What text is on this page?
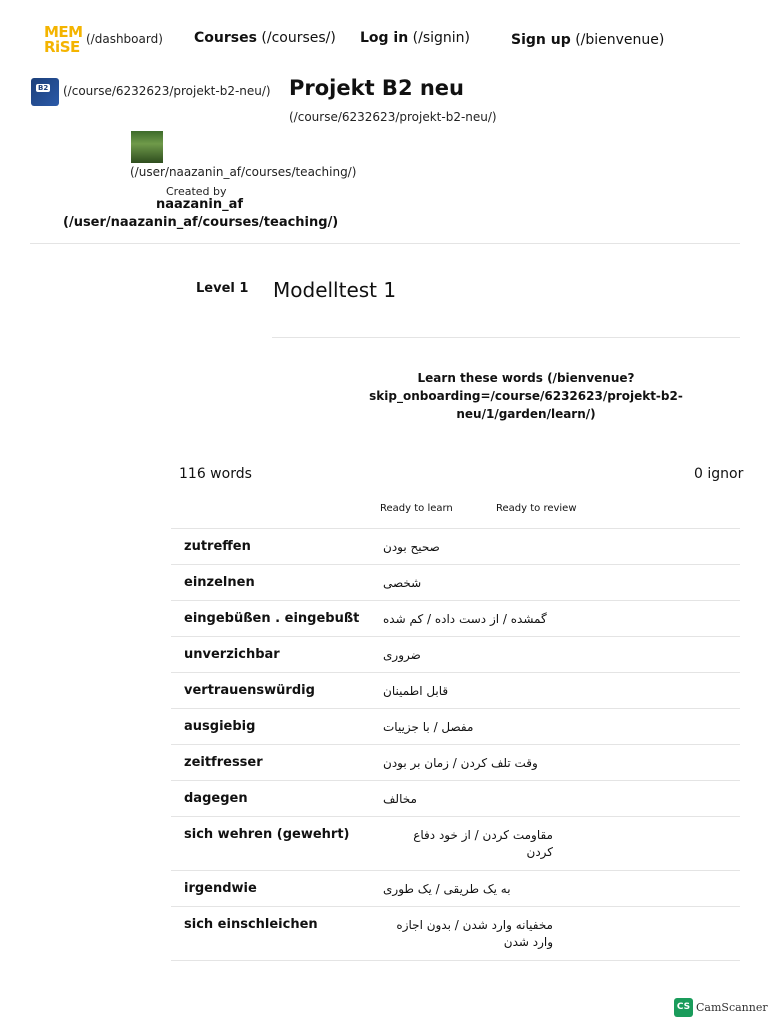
MEM
RiSE (/dashboard) Courses (/courses/) Log in (/signin)	Sign up (/bienvenue)
B2 (/course/6232623/projekt-b2-neu/) Projekt B2 neu
(/course/6232623/projekt-b2-neu/)
(/user/naazanin_af/courses/teaching/)
Created by
naazanin_af
(/user/naazanin_af/courses/teaching/)
Level 1 Modelltest 1
Learn these words (/bienvenue?skip_onboarding=/course/6232623/projekt-b2-neu/1/garden/learn/)
116 words	0 ignor
Ready to learn	Ready to review
zutreffen	صحیح بودن
einzelnen	شخصی
eingebüßen . eingebußt گمشده / از دست داده / کم شده
unverzichbar	ضروری
vertrauenswürdig	قابل اطمینان
ausgiebig	مفصل / با جزییات
zeitfresser	وقت تلف کردن / زمان بر بودن
dagegen	مخالف
sich wehren (gewehrt)	مقاومت کردن / از خود دفاع کردن
irgendwie	به یک طریقی / یک طوری
sich einschleichen	مخفیانه وارد شدن / بدون اجازه وارد شدن
CS CamScanner
